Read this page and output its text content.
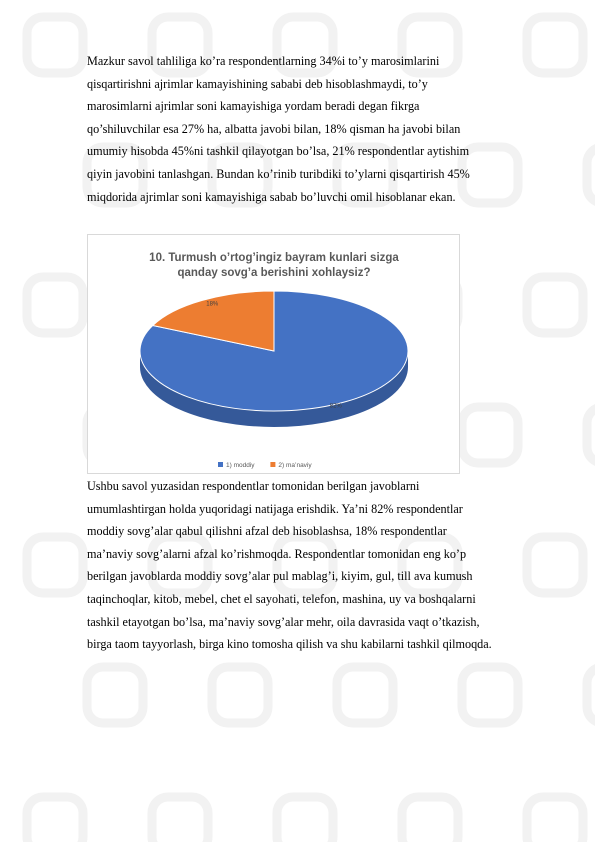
Mazkur savol tahliliga ko’ra respondentlarning 34%i to’y marosimlarini
qisqartirishni ajrimlar kamayishining sababi deb hisoblashmaydi, to’y
marosimlarni ajrimlar soni kamayishiga yordam beradi degan fikrga
qo’shiluvchilar esa 27% ha, albatta javobi bilan, 18% qisman ha javobi bilan
umumiy hisobda 45%ni tashkil qilayotgan bo’lsa, 21% respondentlar aytishim
qiyin javobini tanlashgan. Bundan ko’rinib turibdiki to’ylarni qisqartirish 45%
miqdorida ajrimlar soni kamayishiga sabab bo’luvchi omil hisoblanar ekan.
10. Turmush o’rtog’ingiz bayram kunlari sizga
qanday sovg’a berishini xohlaysiz?
82%
18%
1) moddiy	2) ma’naviy
Ushbu savol yuzasidan respondentlar tomonidan berilgan javoblarni
umumlashtirgan holda yuqoridagi natijaga erishdik. Ya’ni 82% respondentlar
moddiy sovg’alar qabul qilishni afzal deb hisoblashsa, 18% respondentlar
ma’naviy sovg’alarni afzal ko’rishmoqda. Respondentlar tomonidan eng ko’p
berilgan javoblarda moddiy sovg’alar pul mablag’i, kiyim, gul, till ava kumush
taqinchoqlar, kitob, mebel, chet el sayohati, telefon, mashina, uy va boshqalarni
tashkil etayotgan bo’lsa, ma’naviy sovg’alar mehr, oila davrasida vaqt o’tkazish,
birga taom tayyorlash, birga kino tomosha qilish va shu kabilarni tashkil qilmoqda.
